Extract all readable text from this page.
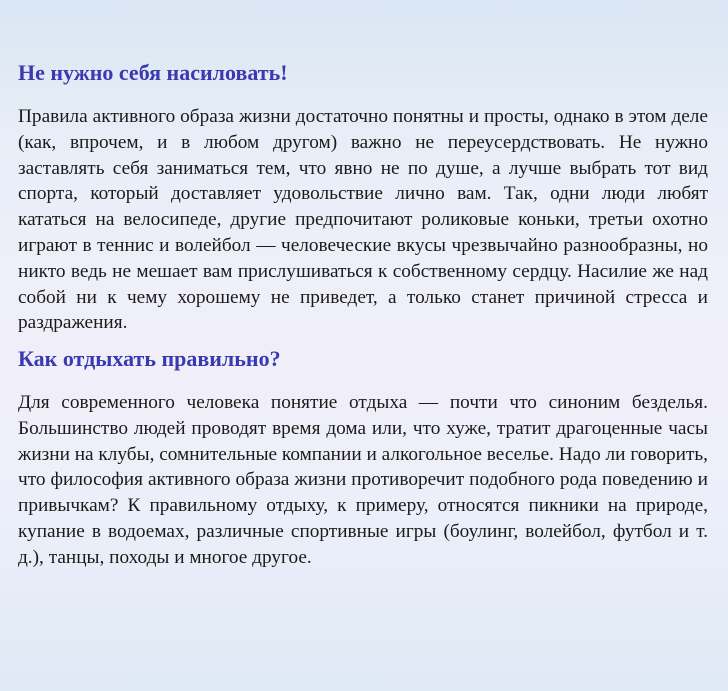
Не нужно себя насиловать!

Правила активного образа жизни достаточно понятны и просты, однако в этом деле (как, впрочем, и в любом другом) важно не переусердствовать. Не нужно заставлять себя заниматься тем, что явно не по душе, а лучше выбрать тот вид спорта, который доставляет удовольствие лично вам. Так, одни люди любят кататься на велосипеде, другие предпочитают роликовые коньки, третьи охотно играют в теннис и волейбол — человеческие вкусы чрезвычайно разнообразны, но никто ведь не мешает вам прислушиваться к собственному сердцу. Насилие же над собой ни к чему хорошему не приведет, а только станет причиной стресса и раздражения.

Как отдыхать правильно?

Для современного человека понятие отдыха — почти что синоним безделья. Большинство людей проводят время дома или, что хуже, тратит драгоценные часы жизни на клубы, сомнительные компании и алкогольное веселье. Надо ли говорить, что философия активного образа жизни противоречит подобного рода поведению и привычкам? К правильному отдыху, к примеру, относятся пикники на природе, купание в водоемах, различные спортивные игры (боулинг, волейбол, футбол и т. д.), танцы, походы и многое другое.
